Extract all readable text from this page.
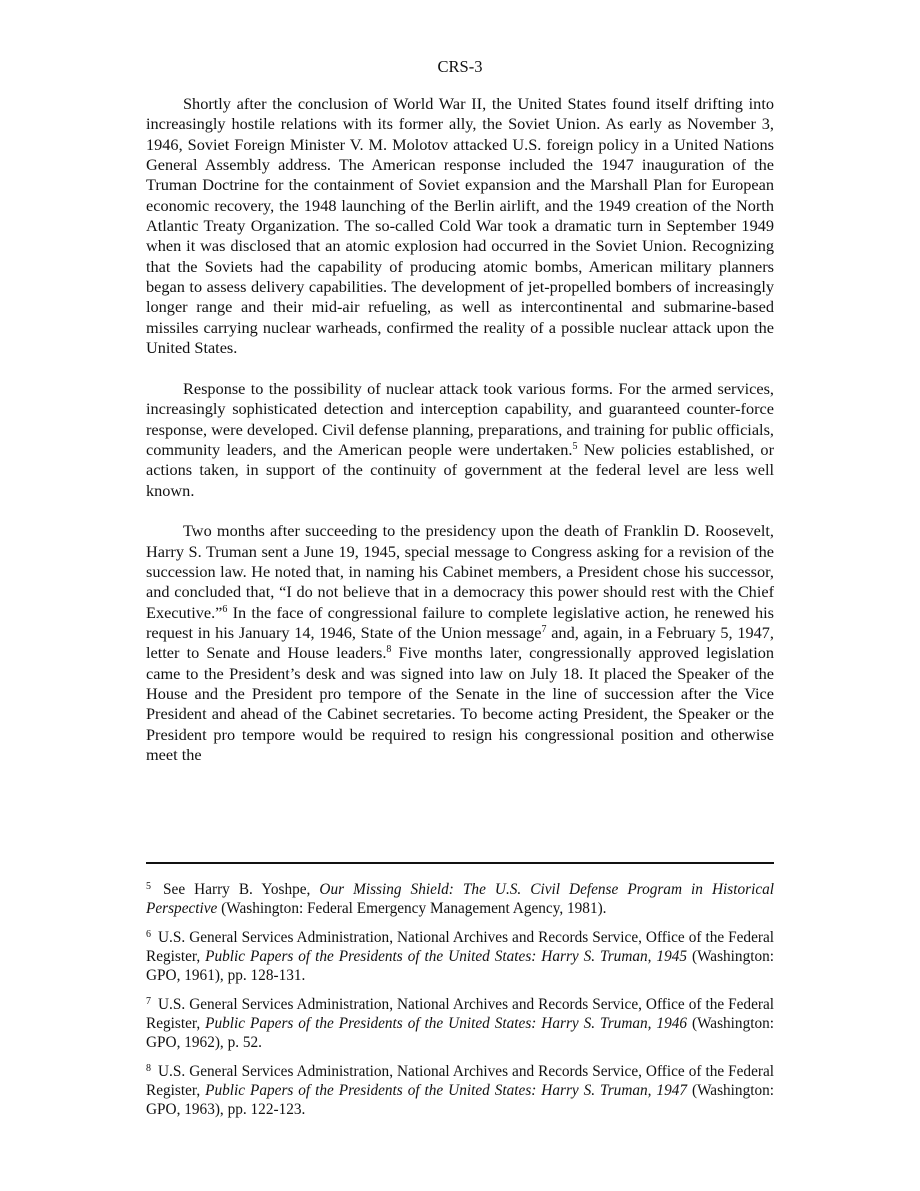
CRS-3

Shortly after the conclusion of World War II, the United States found itself drifting into increasingly hostile relations with its former ally, the Soviet Union. As early as November 3, 1946, Soviet Foreign Minister V. M. Molotov attacked U.S. foreign policy in a United Nations General Assembly address. The American response included the 1947 inauguration of the Truman Doctrine for the containment of Soviet expansion and the Marshall Plan for European economic recovery, the 1948 launching of the Berlin airlift, and the 1949 creation of the North Atlantic Treaty Organization. The so-called Cold War took a dramatic turn in September 1949 when it was disclosed that an atomic explosion had occurred in the Soviet Union. Recognizing that the Soviets had the capability of producing atomic bombs, American military planners began to assess delivery capabilities. The development of jet-propelled bombers of increasingly longer range and their mid-air refueling, as well as intercontinental and submarine-based missiles carrying nuclear warheads, confirmed the reality of a possible nuclear attack upon the United States.

Response to the possibility of nuclear attack took various forms. For the armed services, increasingly sophisticated detection and interception capability, and guaranteed counter-force response, were developed. Civil defense planning, preparations, and training for public officials, community leaders, and the American people were undertaken.$^5$ New policies established, or actions taken, in support of the continuity of government at the federal level are less well known.

Two months after succeeding to the presidency upon the death of Franklin D. Roosevelt, Harry S. Truman sent a June 19, 1945, special message to Congress asking for a revision of the succession law. He noted that, in naming his Cabinet members, a President chose his successor, and concluded that, “I do not believe that in a democracy this power should rest with the Chief Executive.”$^6$ In the face of congressional failure to complete legislative action, he renewed his request in his January 14, 1946, State of the Union message$^7$ and, again, in a February 5, 1947, letter to Senate and House leaders.$^8$ Five months later, congressionally approved legislation came to the President’s desk and was signed into law on July 18. It placed the Speaker of the House and the President pro tempore of the Senate in the line of succession after the Vice President and ahead of the Cabinet secretaries. To become acting President, the Speaker or the President pro tempore would be required to resign his congressional position and otherwise meet the

$^5$ See Harry B. Yoshpe, Our Missing Shield: The U.S. Civil Defense Program in Historical Perspective (Washington: Federal Emergency Management Agency, 1981).
$^6$ U.S. General Services Administration, National Archives and Records Service, Office of the Federal Register, Public Papers of the Presidents of the United States: Harry S. Truman, 1945 (Washington: GPO, 1961), pp. 128-131.
$^7$ U.S. General Services Administration, National Archives and Records Service, Office of the Federal Register, Public Papers of the Presidents of the United States: Harry S. Truman, 1946 (Washington: GPO, 1962), p. 52.
$^8$ U.S. General Services Administration, National Archives and Records Service, Office of the Federal Register, Public Papers of the Presidents of the United States: Harry S. Truman, 1947 (Washington: GPO, 1963), pp. 122-123.
